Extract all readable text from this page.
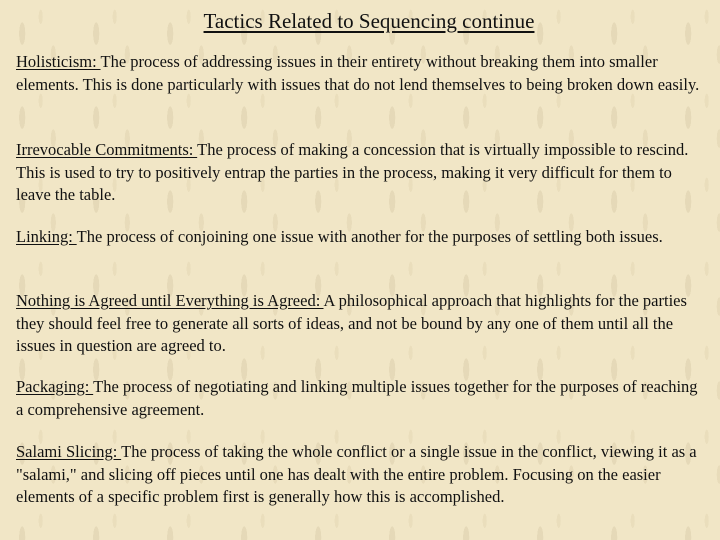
Tactics Related to Sequencing continue

Holisticism: The process of addressing issues in their entirety without breaking them into smaller elements. This is done particularly with issues that do not lend themselves to being broken down easily.

Irrevocable Commitments: The process of making a concession that is virtually impossible to rescind. This is used to try to positively entrap the parties in the process, making it very difficult for them to leave the table.

Linking: The process of conjoining one issue with another for the purposes of settling both issues.

Nothing is Agreed until Everything is Agreed: A philosophical approach that highlights for the parties they should feel free to generate all sorts of ideas, and not be bound by any one of them until all the issues in question are agreed to.

Packaging: The process of negotiating and linking multiple issues together for the purposes of reaching a comprehensive agreement.

Salami Slicing: The process of taking the whole conflict or a single issue in the conflict, viewing it as a "salami," and slicing off pieces until one has dealt with the entire problem. Focusing on the easier elements of a specific problem first is generally how this is accomplished.
